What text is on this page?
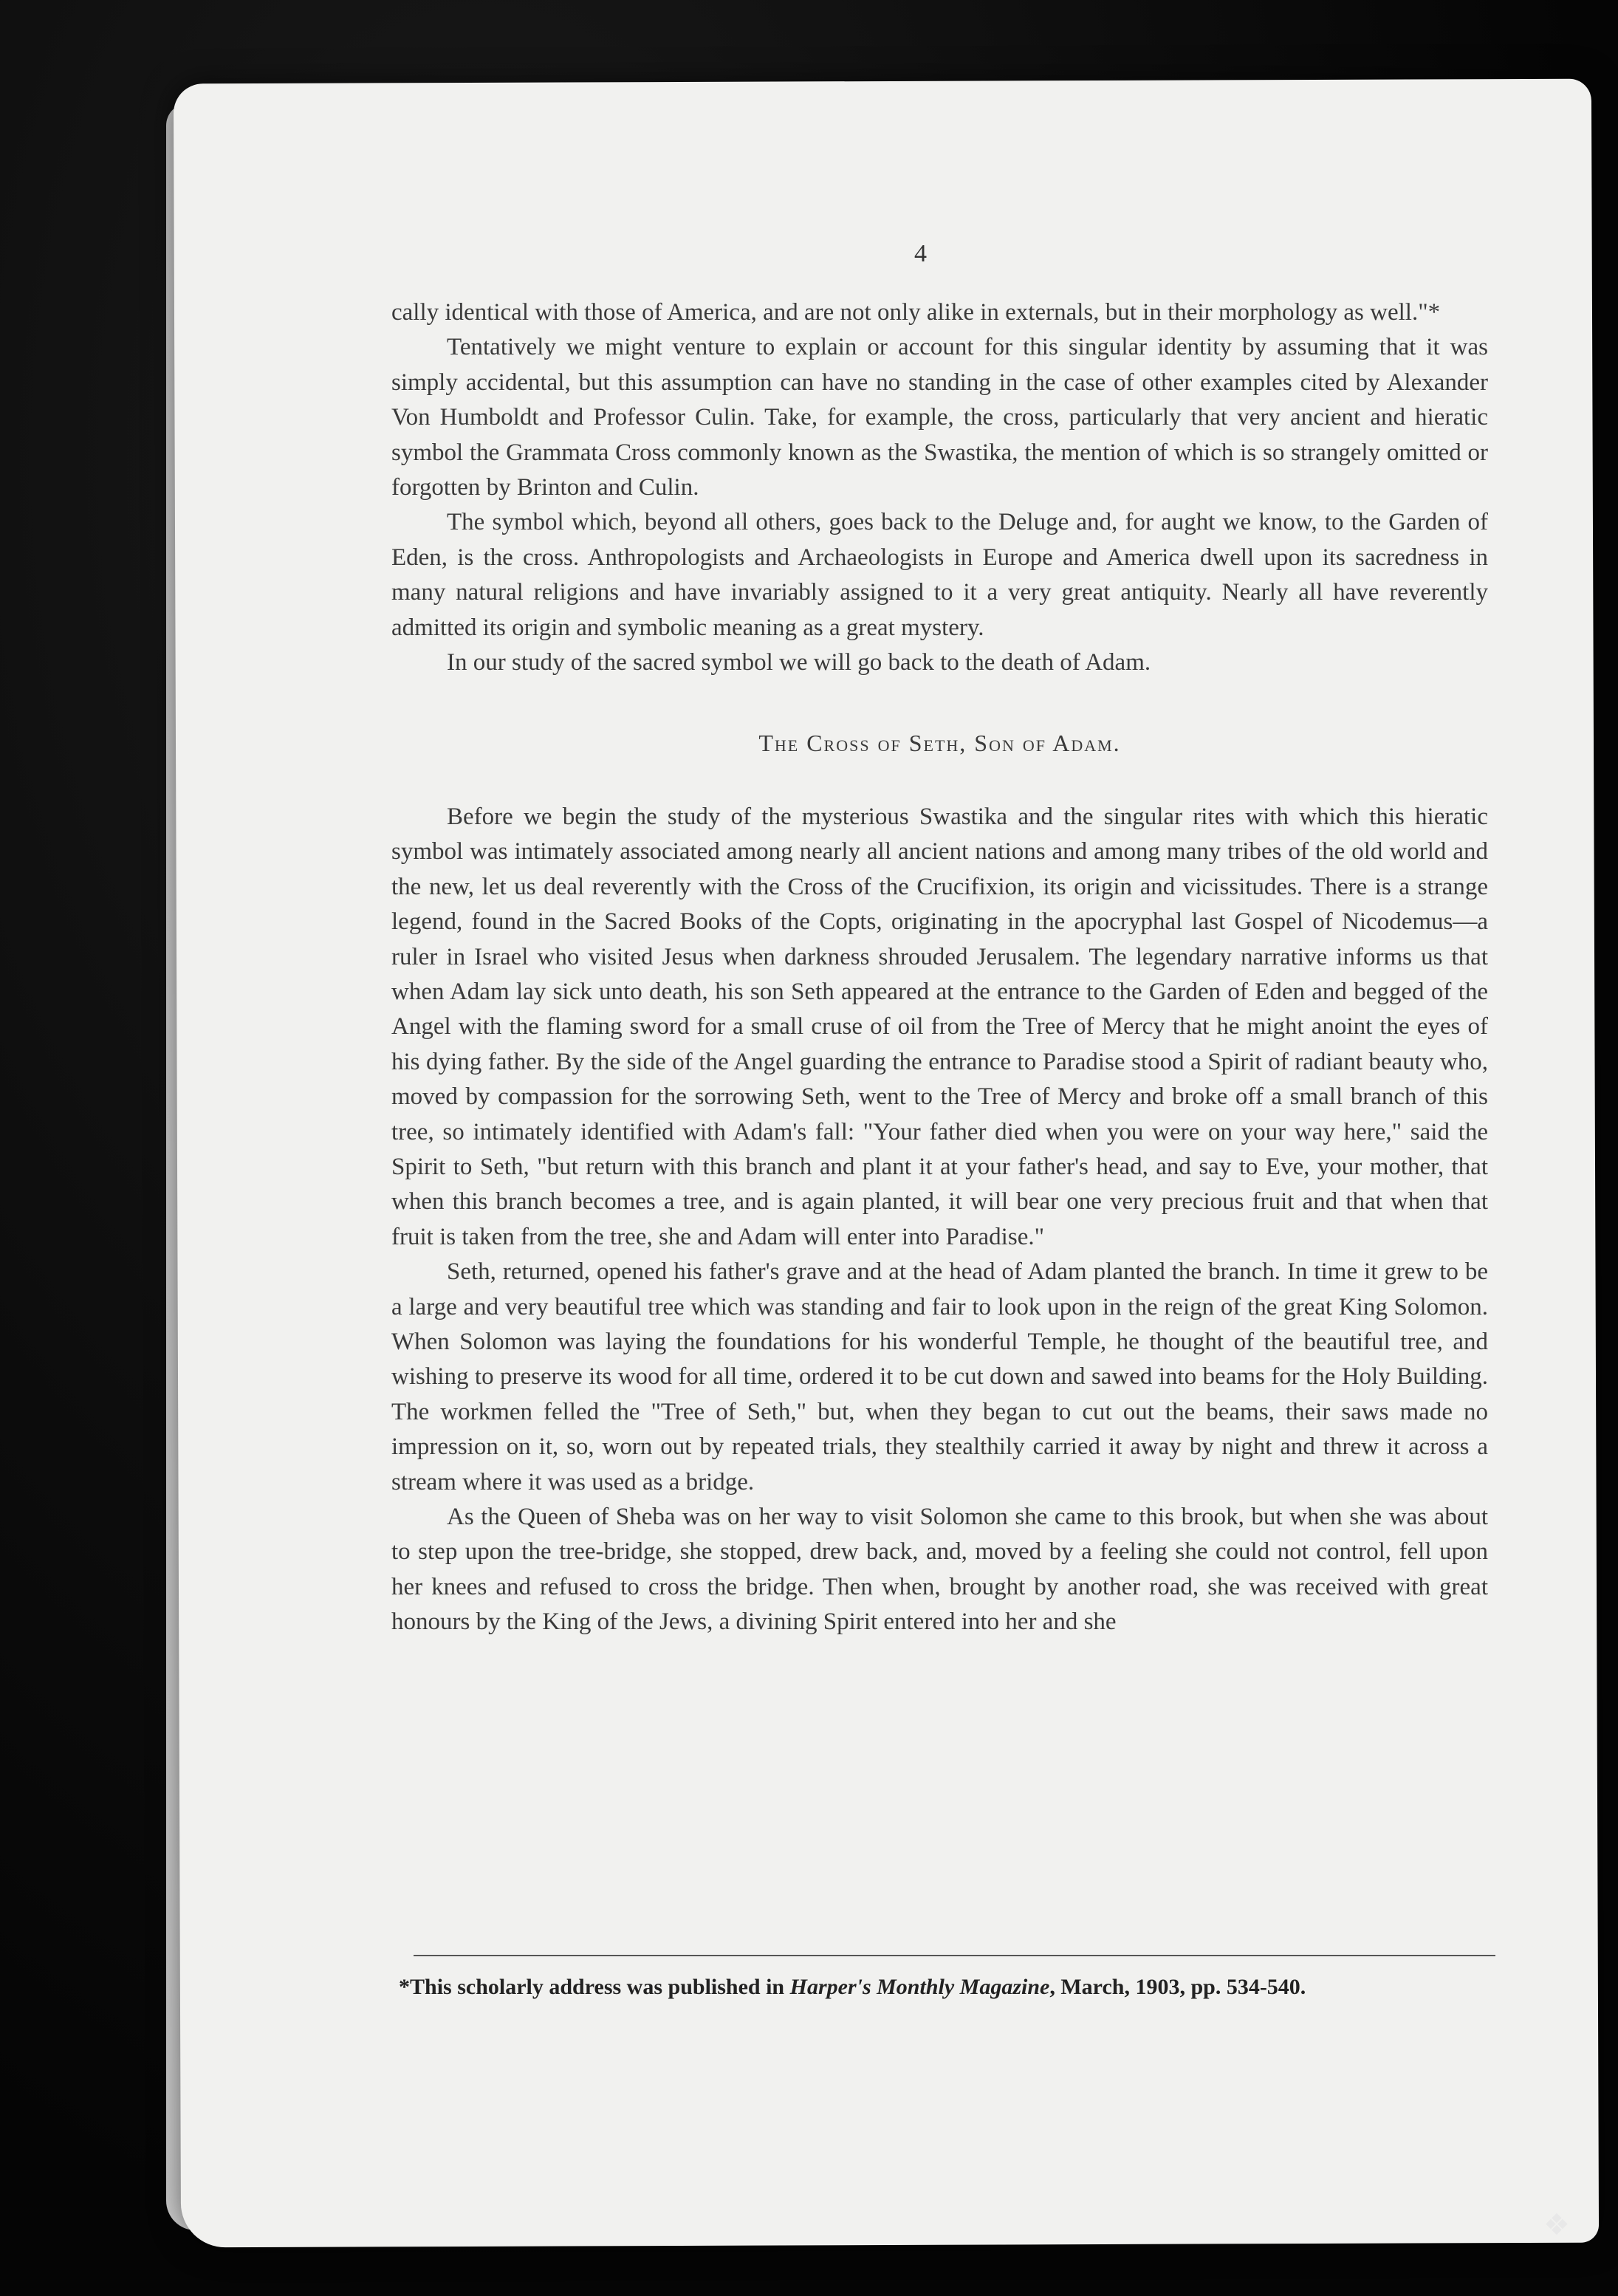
4

cally identical with those of America, and are not only alike in externals, but in their morphology as well."*

Tentatively we might venture to explain or account for this singular identity by assuming that it was simply accidental, but this assumption can have no standing in the case of other examples cited by Alexander Von Humboldt and Professor Culin. Take, for example, the cross, particularly that very ancient and hieratic symbol the Grammata Cross commonly known as the Swastika, the mention of which is so strangely omitted or forgotten by Brinton and Culin.

The symbol which, beyond all others, goes back to the Deluge and, for aught we know, to the Garden of Eden, is the cross. Anthropologists and Archaeologists in Europe and America dwell upon its sacredness in many natural religions and have invariably assigned to it a very great antiquity. Nearly all have reverently admitted its origin and symbolic meaning as a great mystery.

In our study of the sacred symbol we will go back to the death of Adam.

The Cross of Seth, Son of Adam.

Before we begin the study of the mysterious Swastika and the singular rites with which this hieratic symbol was intimately associated among nearly all ancient nations and among many tribes of the old world and the new, let us deal reverently with the Cross of the Crucifixion, its origin and vicissitudes. There is a strange legend, found in the Sacred Books of the Copts, originating in the apocryphal last Gospel of Nicodemus—a ruler in Israel who visited Jesus when darkness shrouded Jerusalem. The legendary narrative informs us that when Adam lay sick unto death, his son Seth appeared at the entrance to the Garden of Eden and begged of the Angel with the flaming sword for a small cruse of oil from the Tree of Mercy that he might anoint the eyes of his dying father. By the side of the Angel guarding the entrance to Paradise stood a Spirit of radiant beauty who, moved by compassion for the sorrowing Seth, went to the Tree of Mercy and broke off a small branch of this tree, so intimately identified with Adam's fall: "Your father died when you were on your way here," said the Spirit to Seth, "but return with this branch and plant it at your father's head, and say to Eve, your mother, that when this branch becomes a tree, and is again planted, it will bear one very precious fruit and that when that fruit is taken from the tree, she and Adam will enter into Paradise."

Seth, returned, opened his father's grave and at the head of Adam planted the branch. In time it grew to be a large and very beautiful tree which was standing and fair to look upon in the reign of the great King Solomon. When Solomon was laying the foundations for his wonderful Temple, he thought of the beautiful tree, and wishing to preserve its wood for all time, ordered it to be cut down and sawed into beams for the Holy Building. The workmen felled the "Tree of Seth," but, when they began to cut out the beams, their saws made no impression on it, so, worn out by repeated trials, they stealthily carried it away by night and threw it across a stream where it was used as a bridge.

As the Queen of Sheba was on her way to visit Solomon she came to this brook, but when she was about to step upon the tree-bridge, she stopped, drew back, and, moved by a feeling she could not control, fell upon her knees and refused to cross the bridge. Then when, brought by another road, she was received with great honours by the King of the Jews, a divining Spirit entered into her and she

*This scholarly address was published in Harper's Monthly Magazine, March, 1903, pp. 534-540.
❖
